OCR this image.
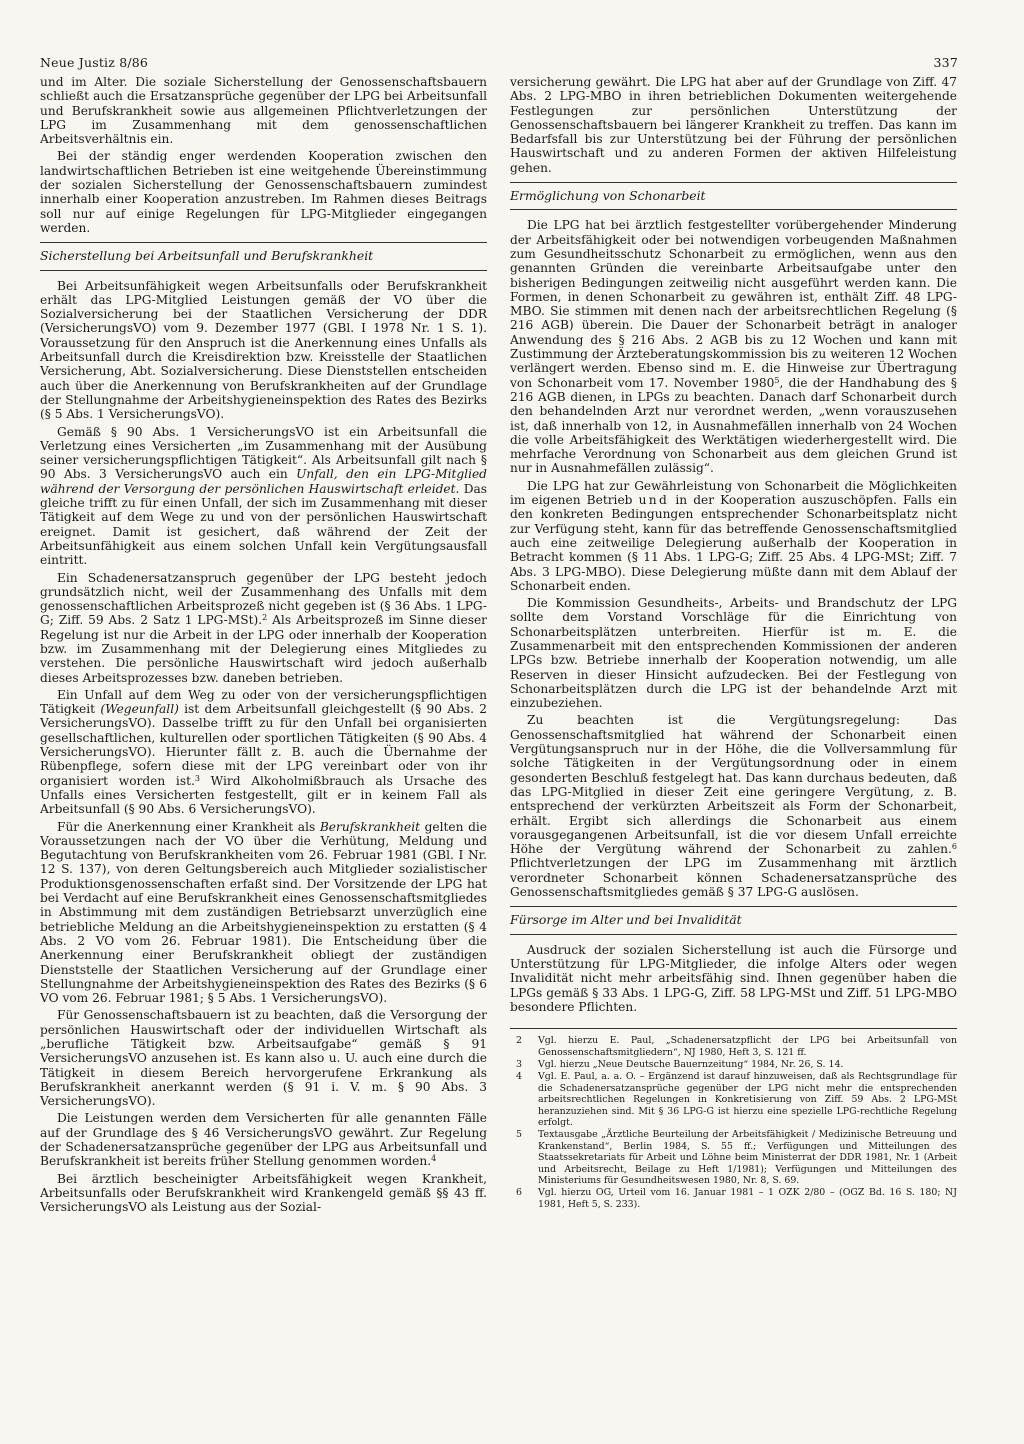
Neue Justiz 8/86	337

und im Alter. Die soziale Sicherstellung der Genossenschaftsbauern schließt auch die Ersatzansprüche gegenüber der LPG bei Arbeitsunfall und Berufskrankheit sowie aus allgemeinen Pflichtverletzungen der LPG im Zusammenhang mit dem genossenschaftlichen Arbeitsverhältnis ein.

Bei der ständig enger werdenden Kooperation zwischen den landwirtschaftlichen Betrieben ist eine weitgehende Übereinstimmung der sozialen Sicherstellung der Genossenschaftsbauern zumindest innerhalb einer Kooperation anzustreben. Im Rahmen dieses Beitrags soll nur auf einige Regelungen für LPG-Mitglieder eingegangen werden.

Sicherstellung bei Arbeitsunfall und Berufskrankheit

Bei Arbeitsunfähigkeit wegen Arbeitsunfalls oder Berufskrankheit erhält das LPG-Mitglied Leistungen gemäß der VO über die Sozialversicherung bei der Staatlichen Versicherung der DDR (VersicherungsVO) vom 9. Dezember 1977 (GBl. I 1978 Nr. 1 S. 1). Voraussetzung für den Anspruch ist die Anerkennung eines Unfalls als Arbeitsunfall durch die Kreisdirektion bzw. Kreisstelle der Staatlichen Versicherung, Abt. Sozialversicherung. Diese Dienststellen entscheiden auch über die Anerkennung von Berufskrankheiten auf der Grundlage der Stellungnahme der Arbeitshygieneinspektion des Rates des Bezirks (§ 5 Abs. 1 VersicherungsVO).

Gemäß § 90 Abs. 1 VersicherungsVO ist ein Arbeitsunfall die Verletzung eines Versicherten „im Zusammenhang mit der Ausübung seiner versicherungspflichtigen Tätigkeit“. Als Arbeitsunfall gilt nach § 90 Abs. 3 VersicherungsVO auch ein Unfall, den ein LPG-Mitglied während der Versorgung der persönlichen Hauswirtschaft erleidet. Das gleiche trifft zu für einen Unfall, der sich im Zusammenhang mit dieser Tätigkeit auf dem Wege zu und von der persönlichen Hauswirtschaft ereignet. Damit ist gesichert, daß während der Zeit der Arbeitsunfähigkeit aus einem solchen Unfall kein Vergütungsausfall eintritt.

Ein Schadenersatzanspruch gegenüber der LPG besteht jedoch grundsätzlich nicht, weil der Zusammenhang des Unfalls mit dem genossenschaftlichen Arbeitsprozeß nicht gegeben ist (§ 36 Abs. 1 LPG-G; Ziff. 59 Abs. 2 Satz 1 LPG-MSt).$^2$ Als Arbeitsprozeß im Sinne dieser Regelung ist nur die Arbeit in der LPG oder innerhalb der Kooperation bzw. im Zusammenhang mit der Delegierung eines Mitgliedes zu verstehen. Die persönliche Hauswirtschaft wird jedoch außerhalb dieses Arbeitsprozesses bzw. daneben betrieben.

Ein Unfall auf dem Weg zu oder von der versicherungspflichtigen Tätigkeit (Wegeunfall) ist dem Arbeitsunfall gleichgestellt (§ 90 Abs. 2 VersicherungsVO). Dasselbe trifft zu für den Unfall bei organisierten gesellschaftlichen, kulturellen oder sportlichen Tätigkeiten (§ 90 Abs. 4 VersicherungsVO). Hierunter fällt z. B. auch die Übernahme der Rübenpflege, sofern diese mit der LPG vereinbart oder von ihr organisiert worden ist.$^3$ Wird Alkoholmißbrauch als Ursache des Unfalls eines Versicherten festgestellt, gilt er in keinem Fall als Arbeitsunfall (§ 90 Abs. 6 VersicherungsVO).

Für die Anerkennung einer Krankheit als Berufskrankheit gelten die Voraussetzungen nach der VO über die Verhütung, Meldung und Begutachtung von Berufskrankheiten vom 26. Februar 1981 (GBl. I Nr. 12 S. 137), von deren Geltungsbereich auch Mitglieder sozialistischer Produktionsgenossenschaften erfaßt sind. Der Vorsitzende der LPG hat bei Verdacht auf eine Berufskrankheit eines Genossenschaftsmitgliedes in Abstimmung mit dem zuständigen Betriebsarzt unverzüglich eine betriebliche Meldung an die Arbeitshygieneinspektion zu erstatten (§ 4 Abs. 2 VO vom 26. Februar 1981). Die Entscheidung über die Anerkennung einer Berufskrankheit obliegt der zuständigen Dienststelle der Staatlichen Versicherung auf der Grundlage einer Stellungnahme der Arbeitshygieneinspektion des Rates des Bezirks (§ 6 VO vom 26. Februar 1981; § 5 Abs. 1 VersicherungsVO).

Für Genossenschaftsbauern ist zu beachten, daß die Versorgung der persönlichen Hauswirtschaft oder der individuellen Wirtschaft als „berufliche Tätigkeit bzw. Arbeitsaufgabe“ gemäß § 91 VersicherungsVO anzusehen ist. Es kann also u. U. auch eine durch die Tätigkeit in diesem Bereich hervorgerufene Erkrankung als Berufskrankheit anerkannt werden (§ 91 i. V. m. § 90 Abs. 3 VersicherungsVO).

Die Leistungen werden dem Versicherten für alle genannten Fälle auf der Grundlage des § 46 VersicherungsVO gewährt. Zur Regelung der Schadenersatzansprüche gegenüber der LPG aus Arbeitsunfall und Berufskrankheit ist bereits früher Stellung genommen worden.$^4$

Bei ärztlich bescheinigter Arbeitsfähigkeit wegen Krankheit, Arbeitsunfalls oder Berufskrankheit wird Krankengeld gemäß §§ 43 ff. VersicherungsVO als Leistung aus der Sozial-

versicherung gewährt. Die LPG hat aber auf der Grundlage von Ziff. 47 Abs. 2 LPG-MBO in ihren betrieblichen Dokumenten weitergehende Festlegungen zur persönlichen Unterstützung der Genossenschaftsbauern bei längerer Krankheit zu treffen. Das kann im Bedarfsfall bis zur Unterstützung bei der Führung der persönlichen Hauswirtschaft und zu anderen Formen der aktiven Hilfeleistung gehen.

Ermöglichung von Schonarbeit

Die LPG hat bei ärztlich festgestellter vorübergehender Minderung der Arbeitsfähigkeit oder bei notwendigen vorbeugenden Maßnahmen zum Gesundheitsschutz Schonarbeit zu ermöglichen, wenn aus den genannten Gründen die vereinbarte Arbeitsaufgabe unter den bisherigen Bedingungen zeitweilig nicht ausgeführt werden kann. Die Formen, in denen Schonarbeit zu gewähren ist, enthält Ziff. 48 LPG-MBO. Sie stimmen mit denen nach der arbeitsrechtlichen Regelung (§ 216 AGB) überein. Die Dauer der Schonarbeit beträgt in analoger Anwendung des § 216 Abs. 2 AGB bis zu 12 Wochen und kann mit Zustimmung der Ärzteberatungskommission bis zu weiteren 12 Wochen verlängert werden. Ebenso sind m. E. die Hinweise zur Übertragung von Schonarbeit vom 17. November 1980$^5$, die der Handhabung des § 216 AGB dienen, in LPGs zu beachten. Danach darf Schonarbeit durch den behandelnden Arzt nur verordnet werden, „wenn vorauszusehen ist, daß innerhalb von 12, in Ausnahmefällen innerhalb von 24 Wochen die volle Arbeitsfähigkeit des Werktätigen wiederhergestellt wird. Die mehrfache Verordnung von Schonarbeit aus dem gleichen Grund ist nur in Ausnahmefällen zulässig“.

Die LPG hat zur Gewährleistung von Schonarbeit die Möglichkeiten im eigenen Betrieb und in der Kooperation auszuschöpfen. Falls ein den konkreten Bedingungen entsprechender Schonarbeitsplatz nicht zur Verfügung steht, kann für das betreffende Genossenschaftsmitglied auch eine zeitweilige Delegierung außerhalb der Kooperation in Betracht kommen (§ 11 Abs. 1 LPG-G; Ziff. 25 Abs. 4 LPG-MSt; Ziff. 7 Abs. 3 LPG-MBO). Diese Delegierung müßte dann mit dem Ablauf der Schonarbeit enden.

Die Kommission Gesundheits-, Arbeits- und Brandschutz der LPG sollte dem Vorstand Vorschläge für die Einrichtung von Schonarbeitsplätzen unterbreiten. Hierfür ist m. E. die Zusammenarbeit mit den entsprechenden Kommissionen der anderen LPGs bzw. Betriebe innerhalb der Kooperation notwendig, um alle Reserven in dieser Hinsicht aufzudecken. Bei der Festlegung von Schonarbeitsplätzen durch die LPG ist der behandelnde Arzt mit einzubeziehen.

Zu beachten ist die Vergütungsregelung: Das Genossenschaftsmitglied hat während der Schonarbeit einen Vergütungsanspruch nur in der Höhe, die die Vollversammlung für solche Tätigkeiten in der Vergütungsordnung oder in einem gesonderten Beschluß festgelegt hat. Das kann durchaus bedeuten, daß das LPG-Mitglied in dieser Zeit eine geringere Vergütung, z. B. entsprechend der verkürzten Arbeitszeit als Form der Schonarbeit, erhält. Ergibt sich allerdings die Schonarbeit aus einem vorausgegangenen Arbeitsunfall, ist die vor diesem Unfall erreichte Höhe der Vergütung während der Schonarbeit zu zahlen.$^6$ Pflichtverletzungen der LPG im Zusammenhang mit ärztlich verordneter Schonarbeit können Schadenersatzansprüche des Genossenschaftsmitgliedes gemäß § 37 LPG-G auslösen.

Fürsorge im Alter und bei Invalidität

Ausdruck der sozialen Sicherstellung ist auch die Fürsorge und Unterstützung für LPG-Mitglieder, die infolge Alters oder wegen Invalidität nicht mehr arbeitsfähig sind. Ihnen gegenüber haben die LPGs gemäß § 33 Abs. 1 LPG-G, Ziff. 58 LPG-MSt und Ziff. 51 LPG-MBO besondere Pflichten.

2	Vgl. hierzu E. Paul, „Schadenersatzpflicht der LPG bei Arbeitsunfall von Genossenschaftsmitgliedern“, NJ 1980, Heft 3, S. 121 ff.
3	Vgl. hierzu „Neue Deutsche Bauernzeitung“ 1984, Nr. 26, S. 14.
4	Vgl. E. Paul, a. a. O. – Ergänzend ist darauf hinzuweisen, daß als Rechtsgrundlage für die Schadenersatzansprüche gegenüber der LPG nicht mehr die entsprechenden arbeitsrechtlichen Regelungen in Konkretisierung von Ziff. 59 Abs. 2 LPG-MSt heranzuziehen sind. Mit § 36 LPG-G ist hierzu eine spezielle LPG-rechtliche Regelung erfolgt.
5	Textausgabe „Ärztliche Beurteilung der Arbeitsfähigkeit / Medizinische Betreuung und Krankenstand“, Berlin 1984, S. 55 ff.; Verfügungen und Mitteilungen des Staatssekretariats für Arbeit und Löhne beim Ministerrat der DDR 1981, Nr. 1 (Arbeit und Arbeitsrecht, Beilage zu Heft 1/1981); Verfügungen und Mitteilungen des Ministeriums für Gesundheitswesen 1980, Nr. 8, S. 69.
6	Vgl. hierzu OG, Urteil vom 16. Januar 1981 – 1 OZK 2/80 – (OGZ Bd. 16 S. 180; NJ 1981, Heft 5, S. 233).
